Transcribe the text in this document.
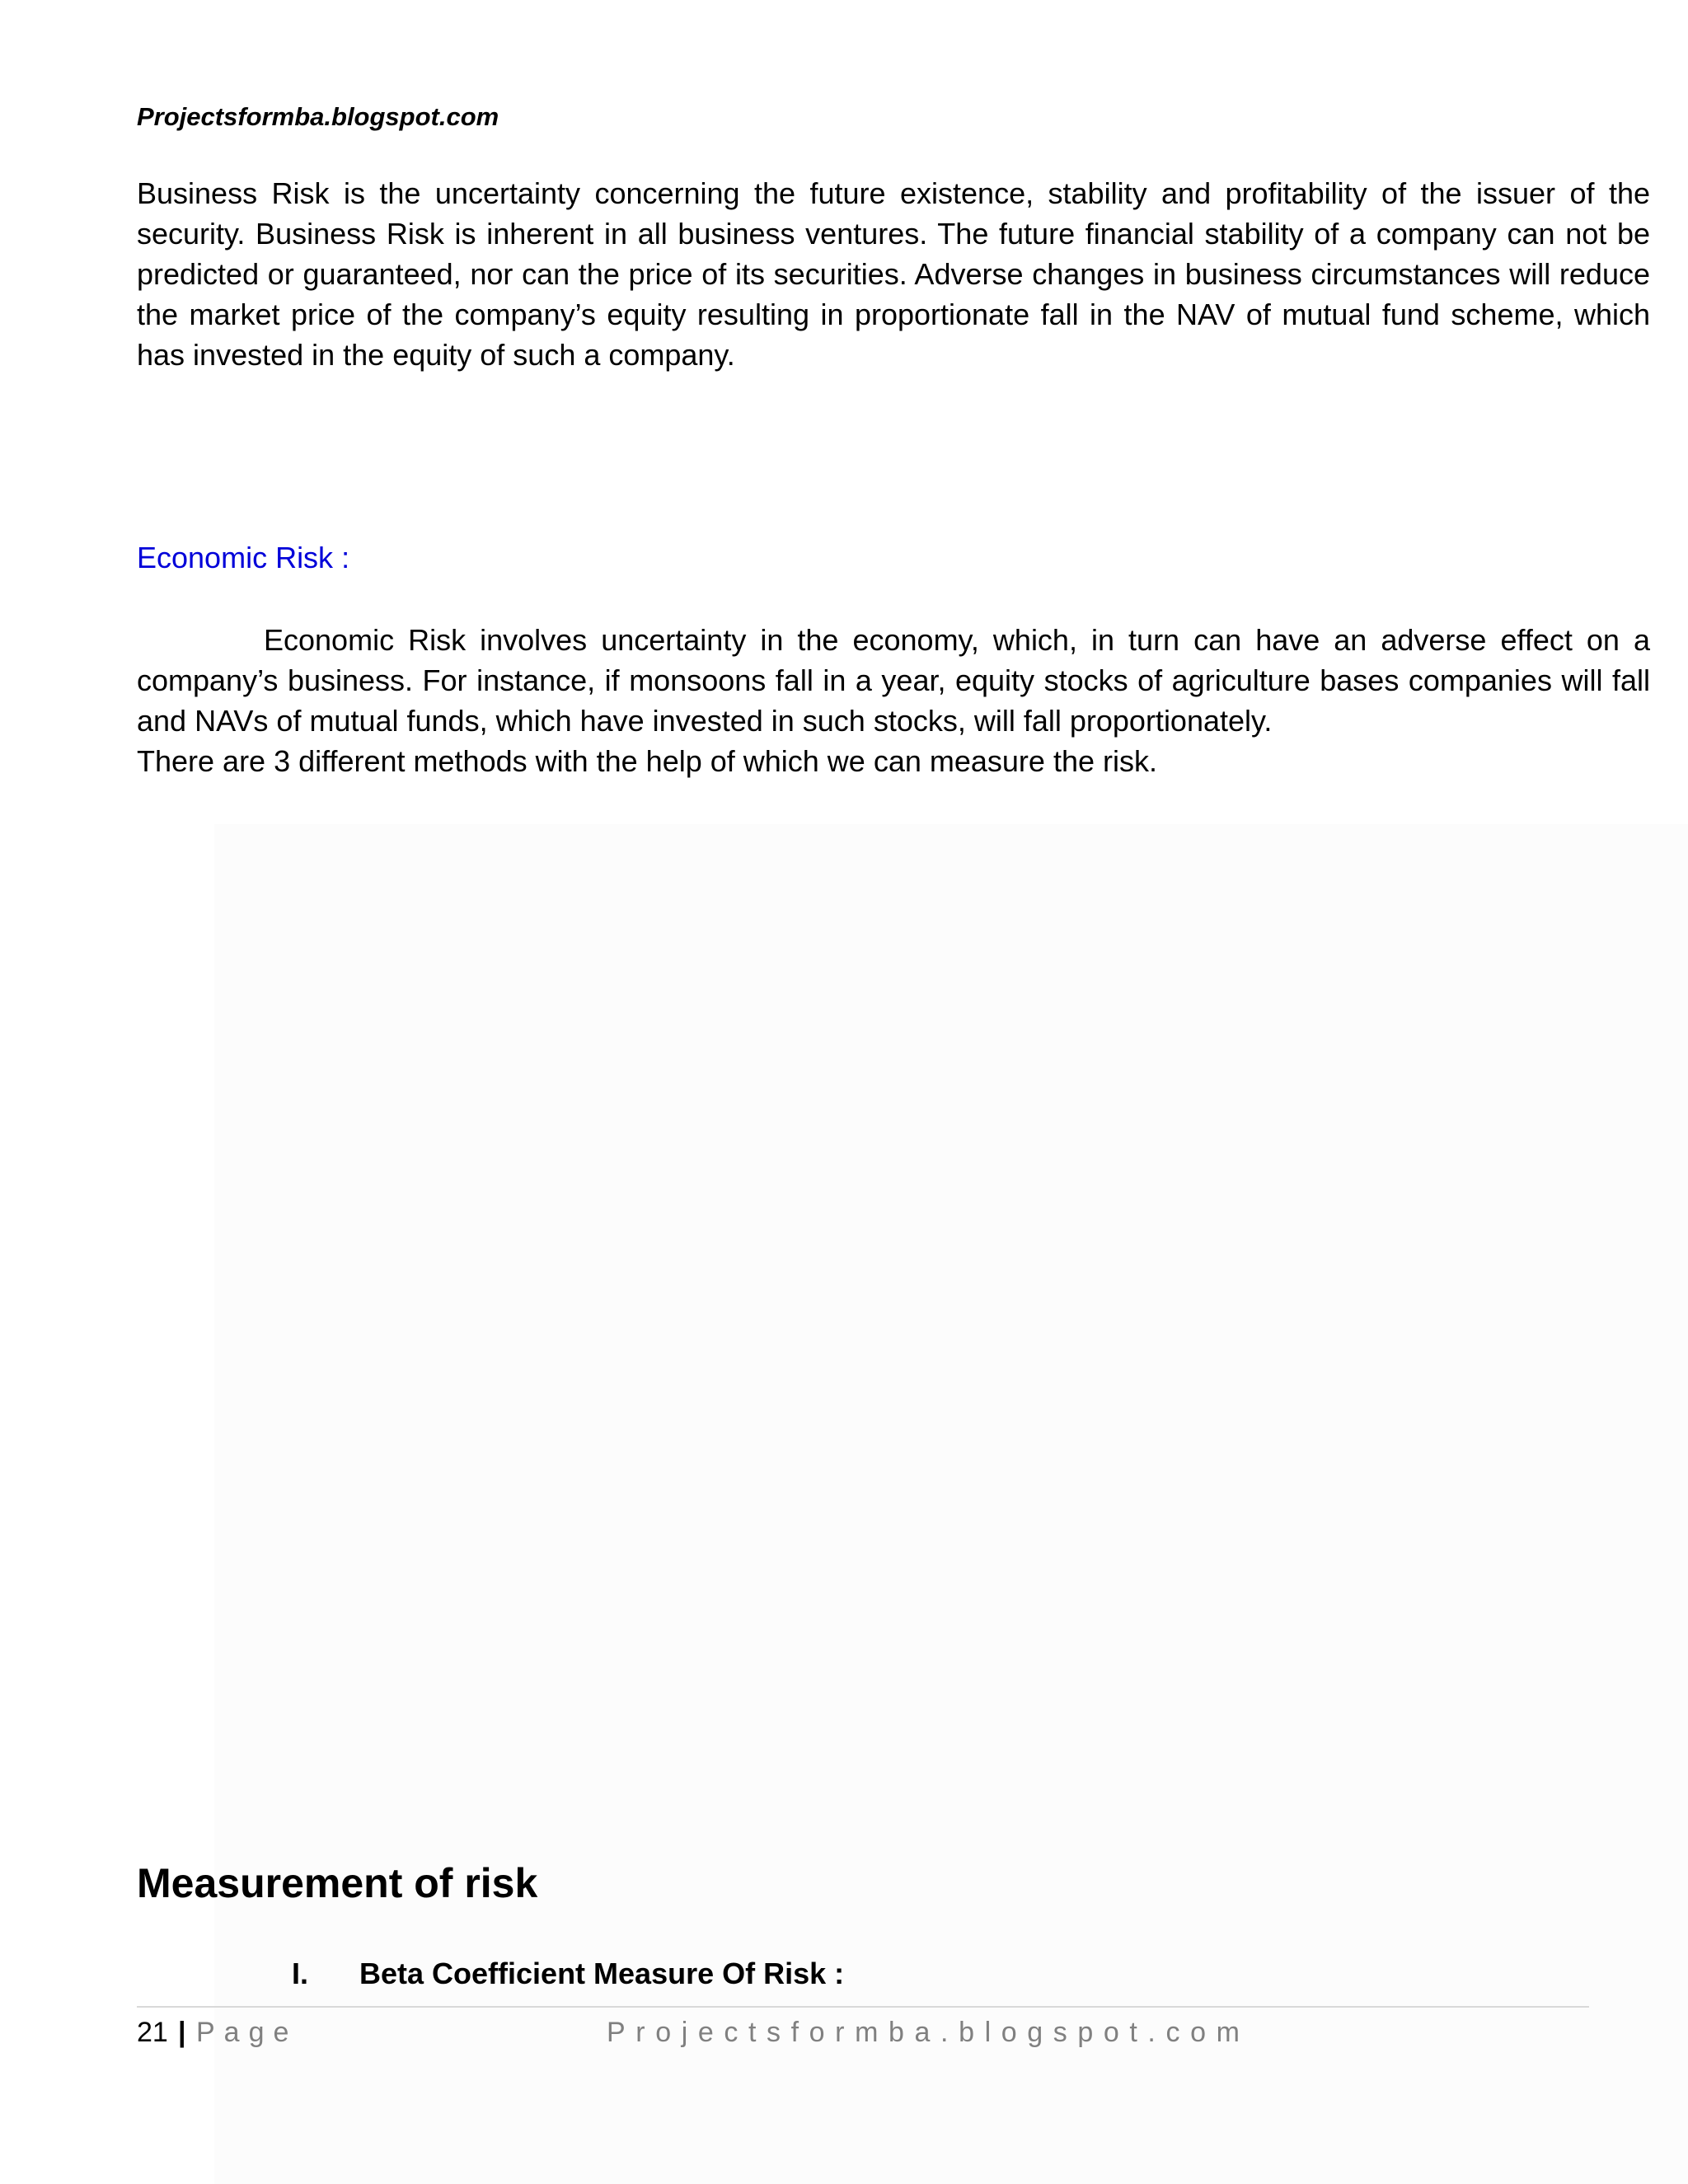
Projectsformba.blogspot.com

Business Risk is the uncertainty concerning the future existence, stability and profitability of the issuer of the security. Business Risk is inherent in all business ventures. The future financial stability of a company can not be predicted or guaranteed, nor can the price of its securities. Adverse changes in business circumstances will reduce the market price of the company’s equity resulting in proportionate fall in the NAV of mutual fund scheme, which has invested in the equity of such a company.

Economic Risk :

Economic Risk involves uncertainty in the economy, which, in turn can have an adverse effect on a company’s business. For instance, if monsoons fall in a year, equity stocks of agriculture bases companies will fall and NAVs of mutual funds, which have invested in such stocks, will fall proportionately.

There are 3 different methods with the help of which we can measure the risk.

Measurement of risk
I. Beta Coefficient Measure Of Risk :
21 | Page	Projectsformba.blogspot.com
